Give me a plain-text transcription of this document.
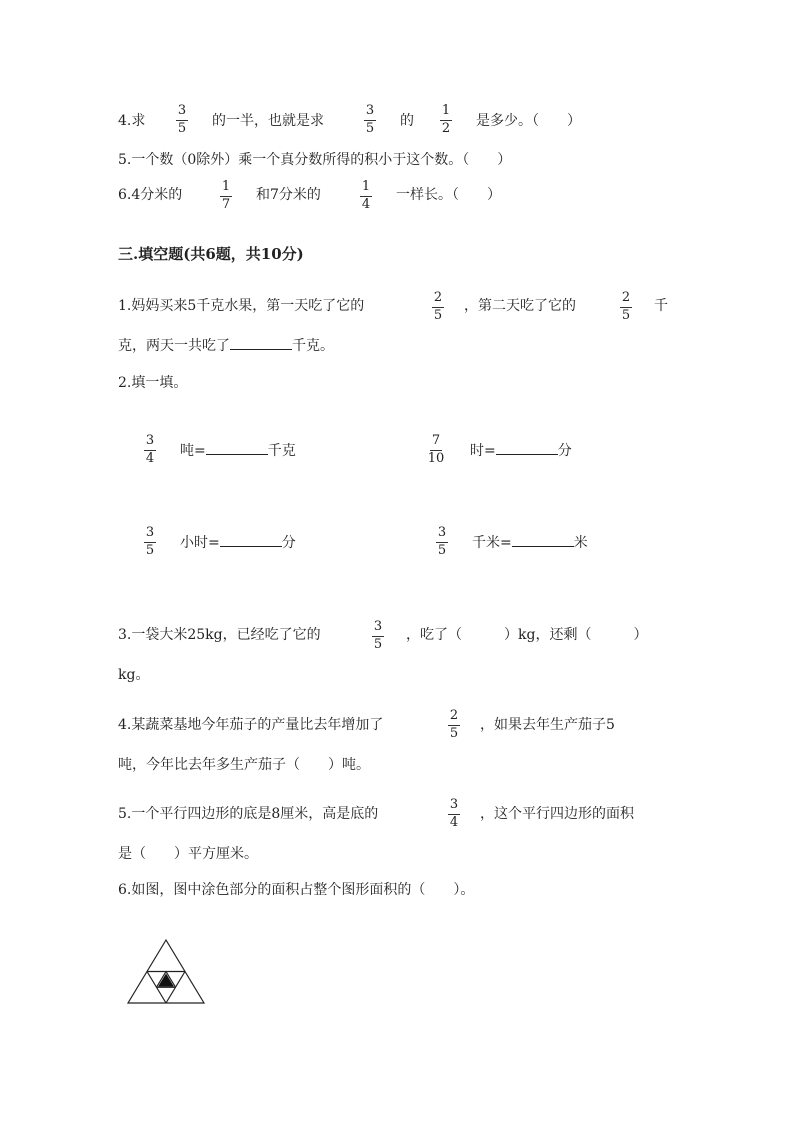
4.求
3
5 的一半，也就是求
3
5 的
1
2 是多少。（　　）
5.一个数（0除外）乘一个真分数所得的积小于这个数。（　　）
6.4分米的
1
7
和7分米的
1
4
一样长。（　　）
三.填空题(共6题，共10分)
1.妈妈买来5千克水果，第一天吃了它的
2
5
，第二天吃了它的
2
5
千
克，两天一共吃了	千克。
2.填一填。
3
4 吨=	千克
7
10 时=	分
3
5 小时=	分
3
5 千米=	米
3.一袋大米25kg，已经吃了它的
3
5
，吃了（　　　）kg，还剩（　　　）
kg。
4.某蔬菜基地今年茄子的产量比去年增加了
2
5
，如果去年生产茄子5
吨，今年比去年多生产茄子（　　）吨。
5.一个平行四边形的底是8厘米，高是底的
3
4
，这个平行四边形的面积
是（　　）平方厘米。
6.如图，图中涂色部分的面积占整个图形面积的（　　）。
